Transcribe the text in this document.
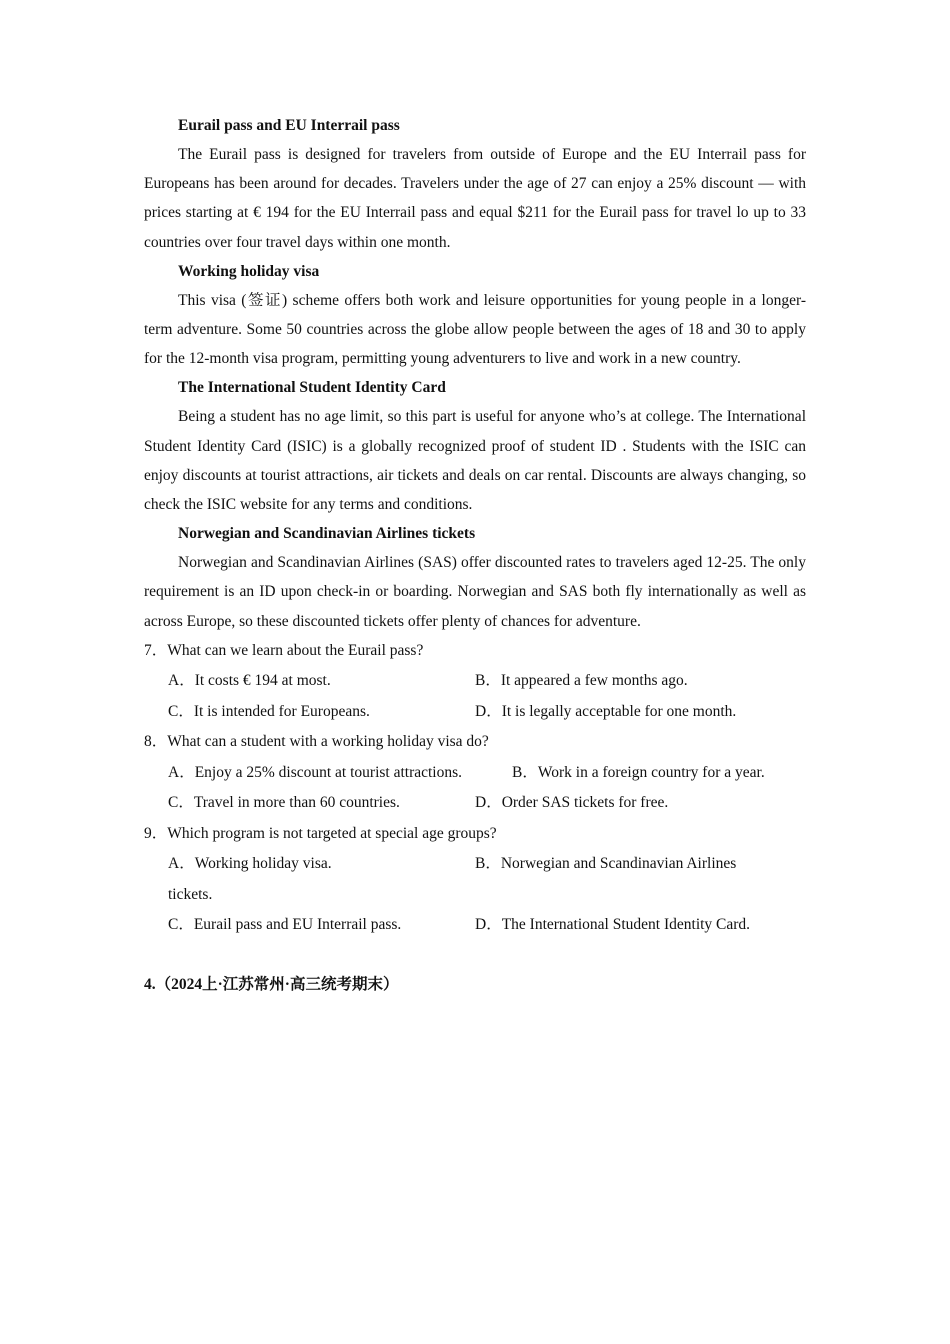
Eurail pass and EU Interrail pass

The Eurail pass is designed for travelers from outside of Europe and the EU Interrail pass for Europeans has been around for decades. Travelers under the age of 27 can enjoy a 25% discount — with prices starting at € 194 for the EU Interrail pass and equal $211 for the Eurail pass for travel lo up to 33 countries over four travel days within one month.

Working holiday visa

This visa (签证) scheme offers both work and leisure opportunities for young people in a longer-term adventure. Some 50 countries across the globe allow people between the ages of 18 and 30 to apply for the 12-month visa program, permitting young adventurers to live and work in a new country.

The International Student Identity Card

Being a student has no age limit, so this part is useful for anyone who’s at college. The International Student Identity Card (ISIC) is a globally recognized proof of student ID . Students with the ISIC can enjoy discounts at tourist attractions, air tickets and deals on car rental. Discounts are always changing, so check the ISIC website for any terms and conditions.

Norwegian and Scandinavian Airlines tickets

Norwegian and Scandinavian Airlines (SAS) offer discounted rates to travelers aged 12-25. The only requirement is an ID upon check-in or boarding. Norwegian and SAS both fly internationally as well as across Europe, so these discounted tickets offer plenty of chances for adventure.

7．What can we learn about the Eurail pass?

A．It costs € 194 at most.	B．It appeared a few months ago.
C．It is intended for Europeans.	D．It is legally acceptable for one month.

8．What can a student with a working holiday visa do?

A．Enjoy a 25% discount at tourist attractions.	B．Work in a foreign country for a year.
C．Travel in more than 60 countries.	D．Order SAS tickets for free.

9．Which program is not targeted at special age groups?

A．Working holiday visa.	B．Norwegian and Scandinavian Airlines

tickets.

C．Eurail pass and EU Interrail pass.	D．The International Student Identity Card.

4.（2024上·江苏常州·高三统考期末）
